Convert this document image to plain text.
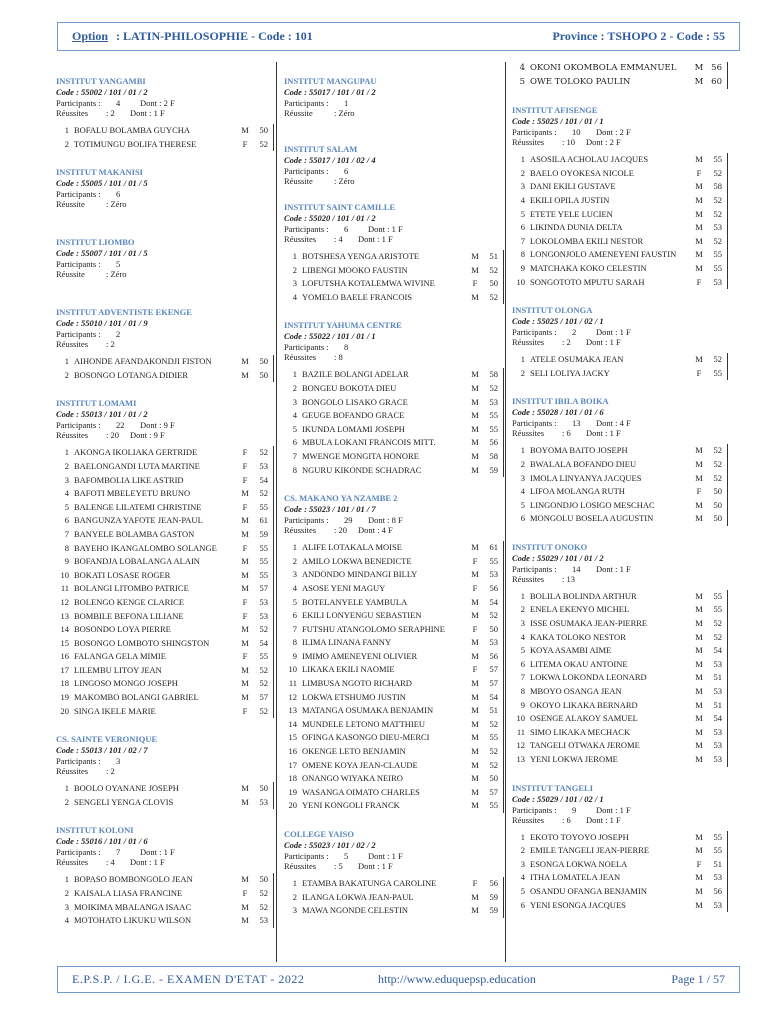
Option : LATIN-PHILOSOPHIE - Code : 101	Province : TSHOPO 2 - Code : 55
INSTITUT YANGAMBI
Code : 55002 / 101 / 01 / 2
Participants :	4	Dont : 2 F
Réussites	: 2	Dont : 1 F
1 BOFALU BOLAMBA GUYCHA	M	50
2 TOTIMUNGU BOLIFA THERESE	F	52
INSTITUT MAKANISI
Code : 55005 / 101 / 01 / 5
Participants :	6
Réussite	: Zéro
INSTITUT LIOMBO
Code : 55007 / 101 / 01 / 5
Participants :	5
Réussite	: Zéro
INSTITUT ADVENTISTE EKENGE
Code : 55010 / 101 / 01 / 9
Participants :	2
Réussites	: 2
1 AIHONDE AFANDAKONDJI FISTON	M	50
2 BOSONGO LOTANGA DIDIER	M	50
INSTITUT LOMAMI
Code : 55013 / 101 / 01 / 2
Participants :	22	Dont : 9 F
Réussites	: 20	Dont : 9 F
1 AKONGA IKOLIAKA GERTRIDE	F	52
2 BAELONGANDI LUTA MARTINE	F	53
3 BAFOMBOLIA LIKE ASTRID	F	54
4 BAFOTI MBELEYETU BRUNO	M	52
5 BALENGE LILATEMI CHRISTINE	F	55
6 BANGUNZA YAFOTE JEAN-PAUL	M	61
7 BANYELE BOLAMBA GASTON	M	59
8 BAYEHO IKANGALOMBO SOLANGE	F	55
9 BOFANDJA LOBALANGA ALAIN	M	55
10 BOKATI LOSASE ROGER	M	55
11 BOLANGI LITOMBO PATRICE	M	57
12 BOLENGO KENGE CLARICE	F	53
13 BOMBILE BEFONA LILIANE	F	53
14 BOSONDO LOYA PIERRE	M	52
15 BOSONGO LOMBOTO SHINGSTON	M	54
16 FALANGA GELA MIMIE	F	55
17 LILEMBU LITOY JEAN	M	52
18 LINGOSO MONGO JOSEPH	M	52
19 MAKOMBO BOLANGI GABRIEL	M	57
20 SINGA IKELE MARIE	F	52
CS. SAINTE VERONIQUE
Code : 55013 / 101 / 02 / 7
Participants :	3
Réussites	: 2
1 BOOLO OYANANE JOSEPH	M	50
2 SENGELI YENGA CLOVIS	M	53
INSTITUT KOLONI
Code : 55016 / 101 / 01 / 6
Participants :	7	Dont : 1 F
Réussites	: 4	Dont : 1 F
1 BOPASO BOMBONGOLO JEAN	M	50
2 KAISALA LIASA FRANCINE	F	52
3 MOIKIMA MBALANGA ISAAC	M	52
4 MOTOHATO LIKUKU WILSON	M	53
INSTITUT MANGUPAU
Code : 55017 / 101 / 01 / 2
Participants :	1
Réussite	: Zéro
INSTITUT SALAM
Code : 55017 / 101 / 02 / 4
Participants :	6
Réussite	: Zéro
INSTITUT SAINT CAMILLE
Code : 55020 / 101 / 01 / 2
Participants :	6	Dont : 1 F
Réussites	: 4	Dont : 1 F
1 BOTSHESA YENGA ARISTOTE	M	51
2 LIBENGI MOOKO FAUSTIN	M	52
3 LOFUTSHA KOTALEMWA WIVINE	F	50
4 YOMELO BAELE FRANCOIS	M	52
INSTITUT YAHUMA CENTRE
Code : 55022 / 101 / 01 / 1
Participants :	8
Réussites	: 8
1 BAZILE BOLANGI ADELAR	M	58
2 BONGEU BOKOTA DIEU	M	52
3 BONGOLO LISAKO GRACE	M	53
4 GEUGE BOFANDO GRACE	M	55
5 IKUNDA LOMAMI JOSEPH	M	55
6 MBULA LOKANI FRANCOIS MITT.	M	56
7 MWENGE MONGITA HONORE	M	58
8 NGURU KIKONDE SCHADRAC	M	59
CS. MAKANO YA NZAMBE 2
Code : 55023 / 101 / 01 / 7
Participants :	29	Dont : 8 F
Réussites	: 20	Dont : 4 F
1 ALIFE LOTAKALA MOISE	M	61
2 AMILO LOKWA BENEDICTE	F	55
3 ANDONDO MINDANGI BILLY	M	53
4 ASOSE YENI MAGUY	F	56
5 BOTELANYELE YAMBULA	M	54
6 EKILI LONYENGU SEBASTIEN	M	52
7 FUTSHU ATANGOLOMO SERAPHINE	F	50
8 ILIMA LINANA FANNY	M	53
9 IMIMO AMENEYENI OLIVIER	M	56
10 LIKAKA EKILI NAOMIE	F	57
11 LIMBUSA NGOTO RICHARD	M	57
12 LOKWA ETSHUMO JUSTIN	M	54
13 MATANGA OSUMAKA BENJAMIN	M	51
14 MUNDELE LETONO MATTHIEU	M	52
15 OFINGA KASONGO DIEU-MERCI	M	55
16 OKENGE LETO BENJAMIN	M	52
17 OMENE KOYA JEAN-CLAUDE	M	52
18 ONANGO WIYAKA NEIRO	M	50
19 WASANGA OIMATO CHARLES	M	57
20 YENI KONGOLI FRANCK	M	55
COLLEGE YAISO
Code : 55023 / 101 / 02 / 2
Participants :	5	Dont : 1 F
Réussites	: 5	Dont : 1 F
1 ETAMBA BAKATUNGA CAROLINE	F	56
2 ILANGA LOKWA JEAN-PAUL	M	59
3 MAWA NGONDE CELESTIN	M	59
4 OKONI OKOMBOLA EMMANUEL	M 56
5 OWE TOLOKO PAULIN	M 60
INSTITUT AFISENGE
Code : 55025 / 101 / 01 / 1
Participants :	10	Dont : 2 F
Réussites	: 10	Dont : 2 F
1 ASOSILA ACHOLAU JACQUES	M	55
2 BAELO OYOKESA NICOLE	F	52
3 DANI EKILI GUSTAVE	M	58
4 EKILI OPILA JUSTIN	M	52
5 ETETE YELE LUCIEN	M	52
6 LIKINDA DUNIA DELTA	M	53
7 LOKOLOMBA EKILI NESTOR	M	52
8 LONGONJOLO AMENEYENI FAUSTIN	M	55
9 MATCHAKA KOKO CELESTIN	M	55
10 SONGOTOTO MPUTU SARAH	F	53
INSTITUT OLONGA
Code : 55025 / 101 / 02 / 1
Participants :	2	Dont : 1 F
Réussites	: 2	Dont : 1 F
1 ATELE OSUMAKA JEAN	M	52
2 SELI LOLIYA JACKY	F	55
INSTITUT IBILA BOIKA
Code : 55028 / 101 / 01 / 6
Participants :	13	Dont : 4 F
Réussites	: 6	Dont : 1 F
1 BOYOMA BAITO JOSEPH	M	52
2 BWALALA BOFANDO DIEU	M	52
3 IMOLA LINYANYA JACQUES	M	52
4 LIFOA MOLANGA RUTH	F	50
5 LINGONDJO LOSIGO MESCHAC	M	50
6 MONGOLU BOSELA AUGUSTIN	M	50
INSTITUT ONOKO
Code : 55029 / 101 / 01 / 2
Participants :	14	Dont : 1 F
Réussites	: 13
1 BOLILA BOLINDA ARTHUR	M	55
2 ENELA EKENYO MICHEL	M	55
3 ISSE OSUMAKA JEAN-PIERRE	M	52
4 KAKA TOLOKO NESTOR	M	52
5 KOYA ASAMBI AIME	M	54
6 LITEMA OKAU ANTOINE	M	53
7 LOKWA LOKONDA LEONARD	M	51
8 MBOYO OSANGA JEAN	M	53
9 OKOYO LIKAKA BERNARD	M	51
10 OSENGE ALAKOY SAMUEL	M	54
11 SIMO LIKAKA MECHACK	M	53
12 TANGELI OTWAKA JEROME	M	53
13 YENI LOKWA JEROME	M	53
INSTITUT TANGELI
Code : 55029 / 101 / 02 / 1
Participants :	9	Dont : 1 F
Réussites	: 6	Dont : 1 F
1 EKOTO TOYOYO JOSEPH	M	55
2 EMILE TANGELI JEAN-PIERRE	M	55
3 ESONGA LOKWA NOELA	F	51
4 ITHA LOMATELA JEAN	M	53
5 OSANDU OFANGA BENJAMIN	M	56
6 YENI ESONGA JACQUES	M	53
E.P.S.P. / I.G.E. - EXAMEN D'ETAT - 2022	http://www.eduquepsp.education	Page 1 / 57
